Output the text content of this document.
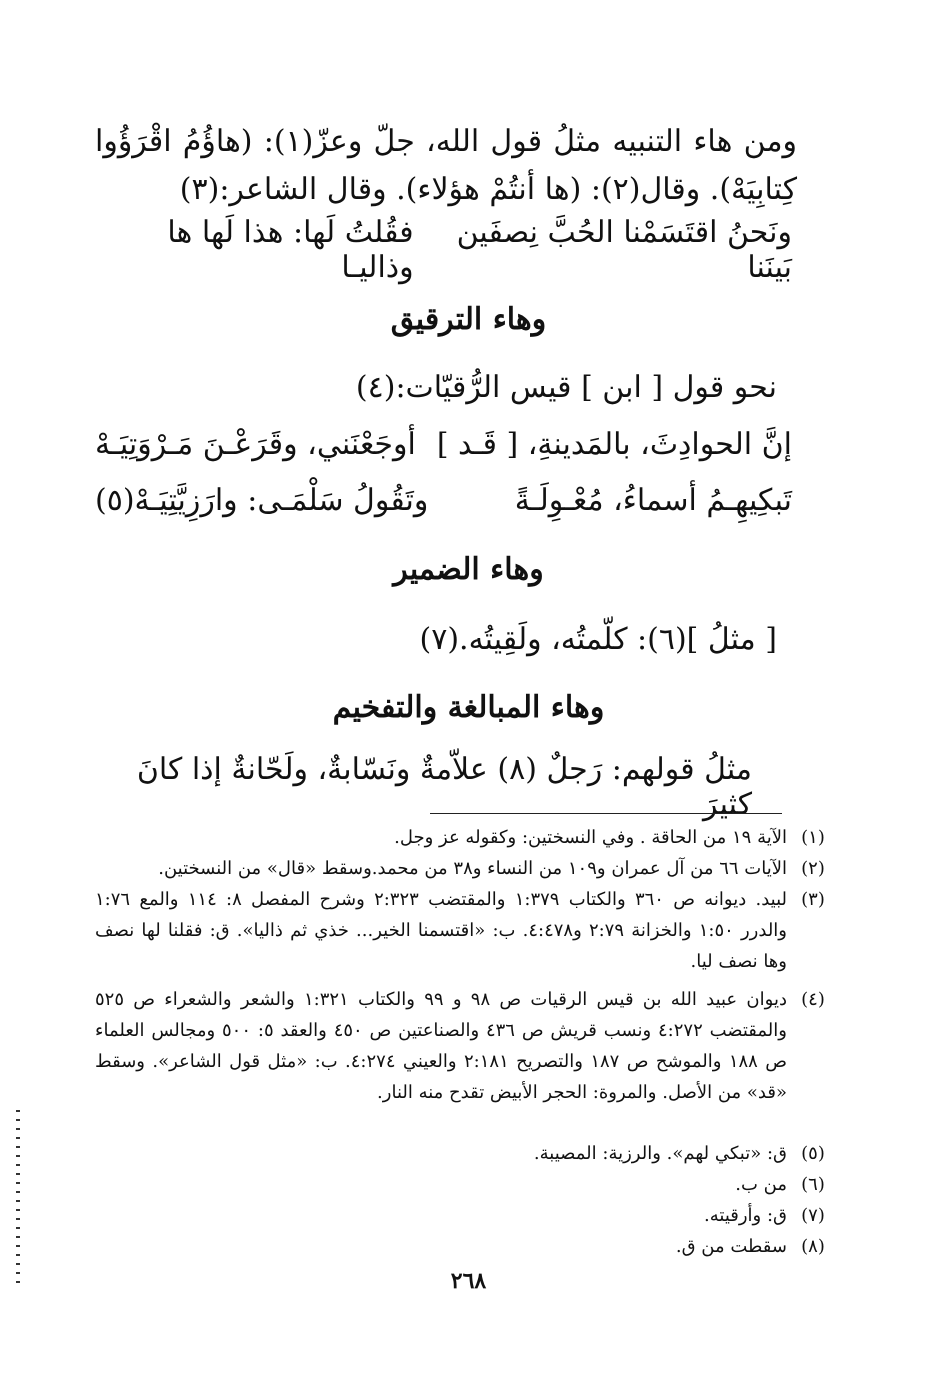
ومن هاء التنبيه مثلُ قول الله، جلّ وعزّ(١): (هاؤُمُ اقْرَؤُوا كِتابِيَهْ). وقال(٢): (ها أنتُمْ هؤلاء). وقال الشاعر:(٣)
ونَحنُ اقتَسَمْنا الحُبَّ نِصفَين بَينَنا
فقُلتُ لَها: هذا لَها ها وذاليـا
وهاء الترقيق
نحو قول [ ابن ] قيس الرُّقيّات:(٤)
إنَّ الحوادِثَ، بالمَدينةِ، [ قَـد ]
أوجَعْنَني، وقَرَعْـنَ مَـرْوَتِيَـهْ
تَبكِيهِـمُ أسماءُ، مُعْـوِلَـةً
وتَقُولُ سَلْمَـى: وارَزِيَّتِيَـهْ(٥)
وهاء الضمير
[ مثلُ ](٦): كلّمتُه، ولَقِيتُه.(٧)
وهاء المبالغة والتفخيم
مثلُ قولهم: رَجلٌ (٨) علاّمةٌ ونَسّابةٌ، ولَحّانةٌ إذا كانَ كثيرَ
(١)
الآية ١٩ من الحاقة . وفي النسختين: وكقوله عز وجل.
(٢)
الآيات ٦٦ من آل عمران و١٠٩ من النساء و٣٨ من محمد.وسقط «قال» من النسختين.
(٣)
لبيد. ديوانه ص ٣٦٠ والكتاب ١:٣٧٩ والمقتضب ٢:٣٢٣ وشرح المفصل ٨: ١١٤ والمع ١:٧٦ والدرر ١:٥٠ والخزانة ٢:٧٩ و٤:٤٧٨. ب: «اقتسمنا الخير... خذي ثم ذاليا». ق: فقلنا لها نصف وها نصف ليا.
(٤)
ديوان عبيد الله بن قيس الرقيات ص ٩٨ و ٩٩ والكتاب ١:٣٢١ والشعر والشعراء ص ٥٢٥ والمقتضب ٤:٢٧٢ ونسب قريش ص ٤٣٦ والصناعتين ص ٤٥٠ والعقد ٥: ٥٠٠ ومجالس العلماء ص ١٨٨ والموشح ص ١٨٧ والتصريح ٢:١٨١ والعيني ٤:٢٧٤. ب: «مثل قول الشاعر». وسقط «قد» من الأصل. والمروة: الحجر الأبيض تقدح منه النار.
(٥)
ق: «تبكي لهم». والرزية: المصيبة.
(٦)
من ب.
(٧)
ق: وأرقيته.
(٨)
سقطت من ق.
٢٦٨
